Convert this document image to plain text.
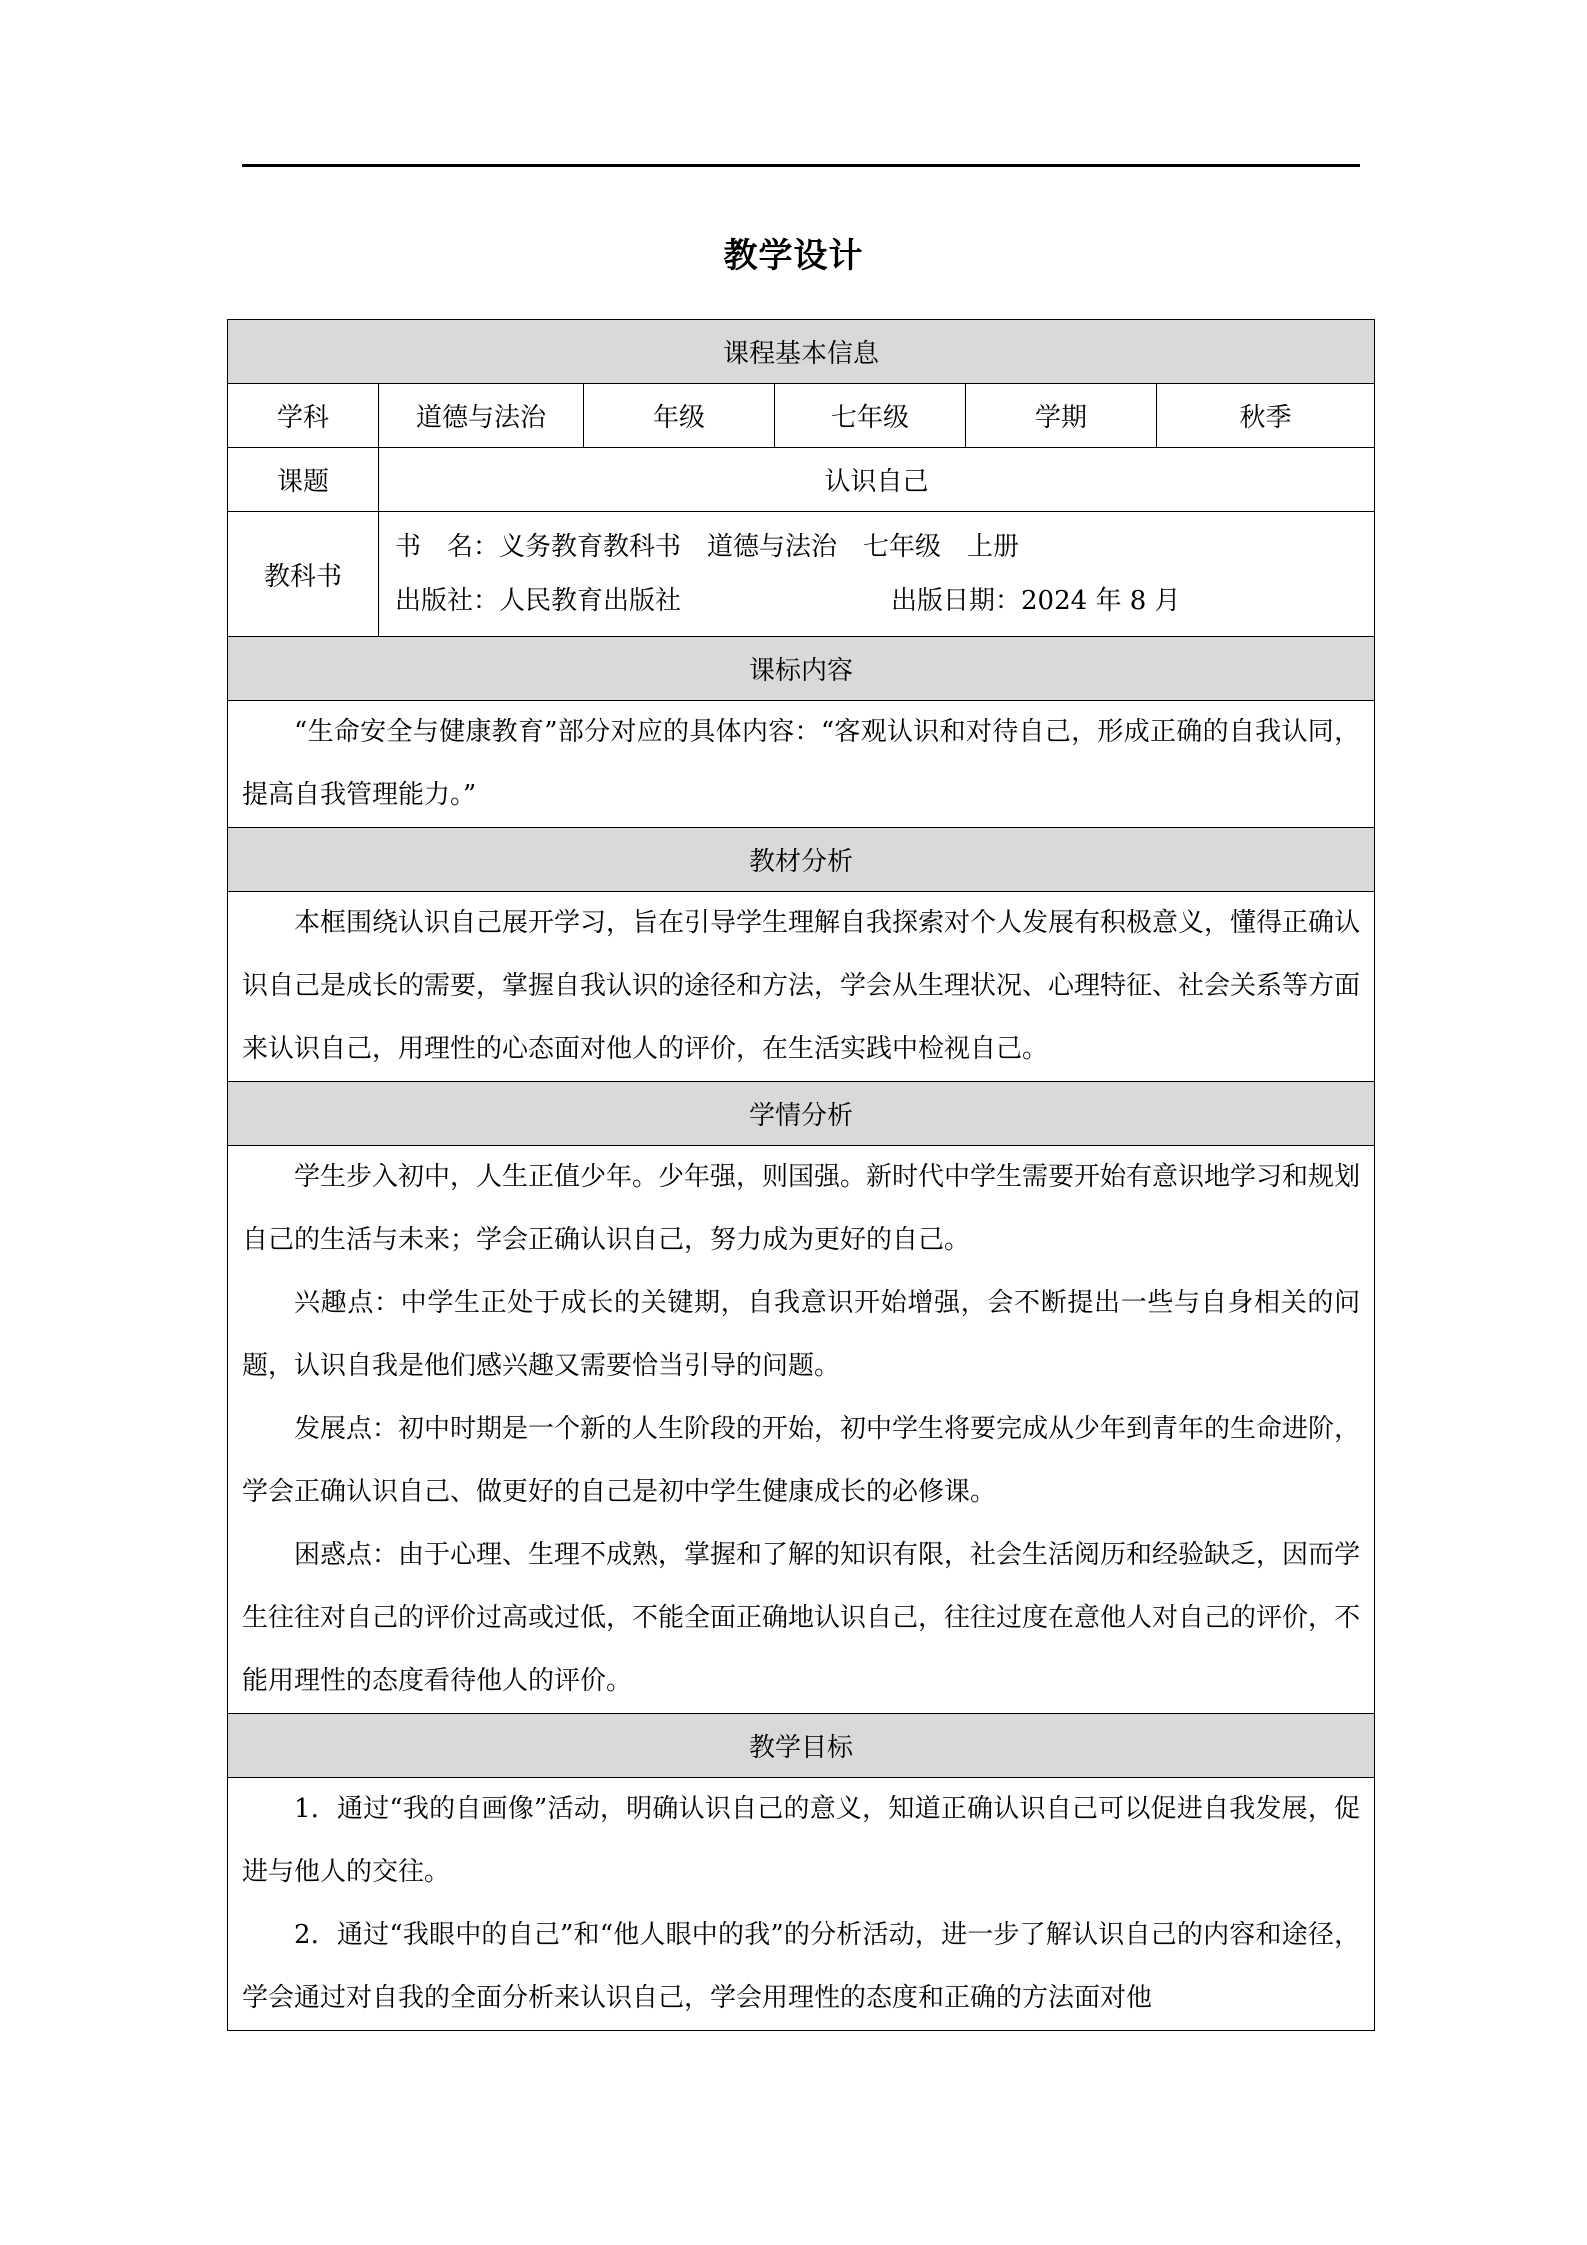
教学设计
课程基本信息					
学科	道德与法治	年级	七年级	学期	秋季
课题	认识自己				
教科书	书　名：义务教育教科书　道德与法治　七年级　上册
出版社：人民教育出版社 出版日期：2024 年 8 月				

课标内容					

“生命安全与健康教育”部分对应的具体内容：“客观认识和对待自己，形成正确的自我认同，提高自我管理能力。”					

教材分析					

本框围绕认识自己展开学习，旨在引导学生理解自我探索对个人发展有积极意义，懂得正确认识自己是成长的需要，掌握自我认识的途径和方法，学会从生理状况、心理特征、社会关系等方面来认识自己，用理性的心态面对他人的评价，在生活实践中检视自己。					

学情分析					

学生步入初中，人生正值少年。少年强，则国强。新时代中学生需要开始有意识地学习和规划自己的生活与未来；学会正确认识自己，努力成为更好的自己。

兴趣点：中学生正处于成长的关键期，自我意识开始增强，会不断提出一些与自身相关的问题，认识自我是他们感兴趣又需要恰当引导的问题。

发展点：初中时期是一个新的人生阶段的开始，初中学生将要完成从少年到青年的生命进阶，学会正确认识自己、做更好的自己是初中学生健康成长的必修课。

困惑点：由于心理、生理不成熟，掌握和了解的知识有限，社会生活阅历和经验缺乏，因而学生往往对自己的评价过高或过低，不能全面正确地认识自己，往往过度在意他人对自己的评价，不能用理性的态度看待他人的评价。					

教学目标					

1．通过“我的自画像”活动，明确认识自己的意义，知道正确认识自己可以促进自我发展，促进与他人的交往。

2．通过“我眼中的自己”和“他人眼中的我”的分析活动，进一步了解认识自己的内容和途径，学会通过对自我的全面分析来认识自己，学会用理性的态度和正确的方法面对他					
